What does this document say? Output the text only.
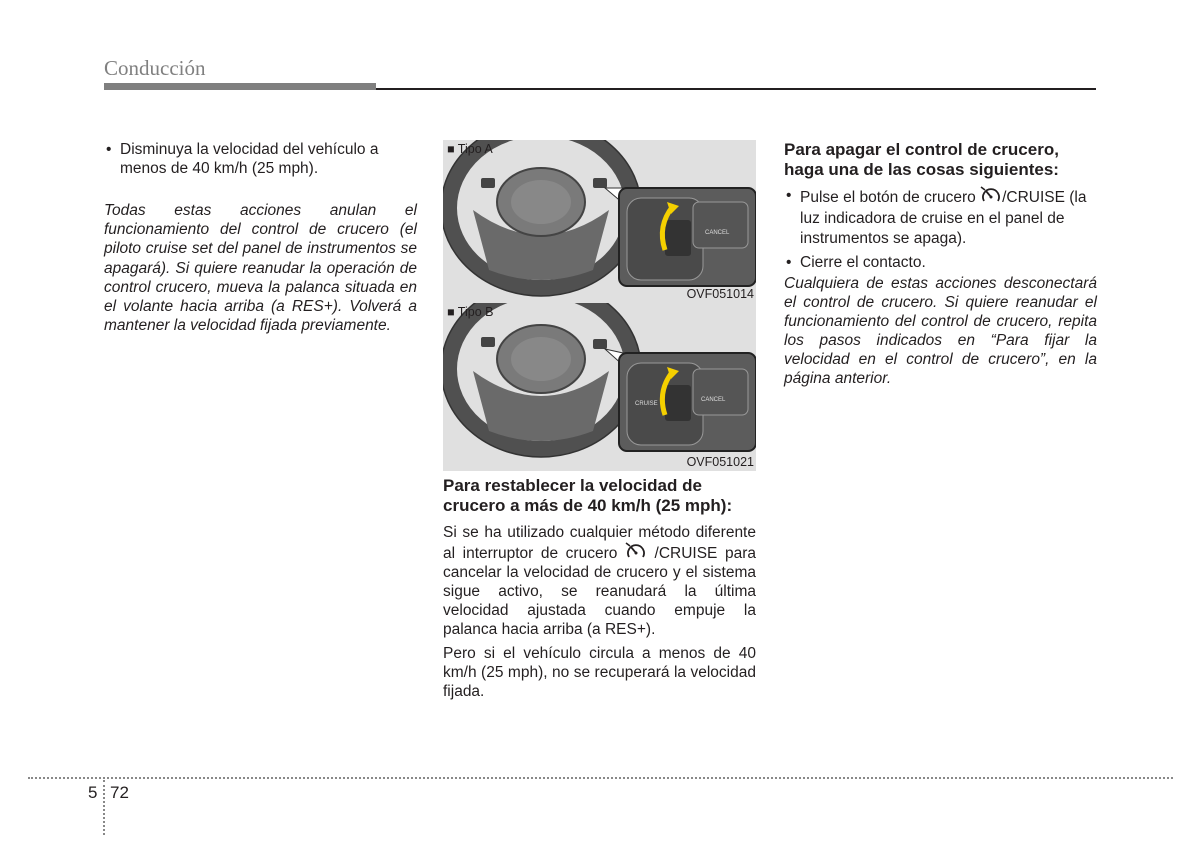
Conducción

• Disminuya la velocidad del vehículo a menos de 40 km/h (25 mph).

Todas estas acciones anulan el funcionamiento del control de crucero (el piloto cruise set del panel de instrumentos se apagará). Si quiere reanudar la operación de control crucero, mueva la palanca situada en el volante hacia arriba (a RES+). Volverá a mantener la velocidad fijada previamente.

CANCEL
■ Tipo A
OVF051014
CANCEL
CRUISE
■ Tipo B
OVF051021

Para restablecer la velocidad de crucero a más de 40 km/h (25 mph):

Si se ha utilizado cualquier método diferente al interruptor de crucero /CRUISE para cancelar la velocidad de crucero y el sistema sigue activo, se reanudará la última velocidad ajustada cuando empuje la palanca hacia arriba (a RES+).

Pero si el vehículo circula a menos de 40 km/h (25 mph), no se recuperará la velocidad fijada.

Para apagar el control de crucero, haga una de las cosas siguientes:

• Pulse el botón de crucero /CRUISE (la luz indicadora de cruise en el panel de instrumentos se apaga).

• Cierre el contacto.

Cualquiera de estas acciones desconectará el control de crucero. Si quiere reanudar el funcionamiento del control de crucero, repita los pasos indicados en “Para fijar la velocidad en el control de crucero”, en la página anterior.

5 72
